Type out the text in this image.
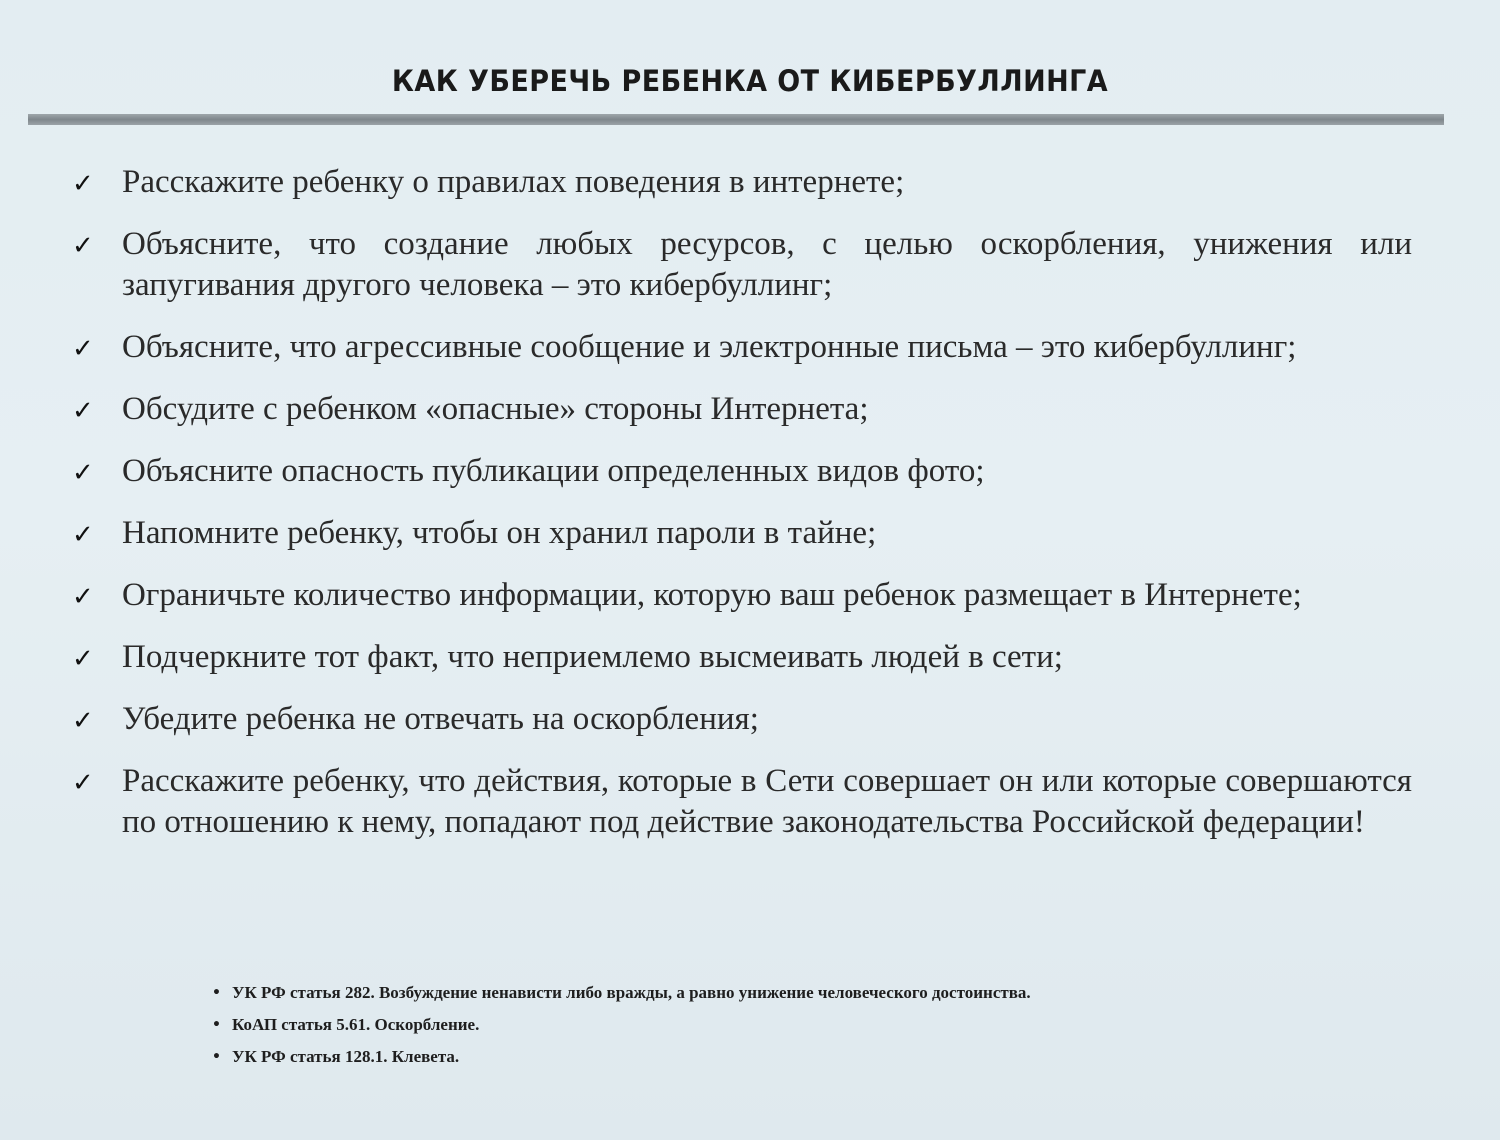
КАК УБЕРЕЧЬ РЕБЕНКА ОТ КИБЕРБУЛЛИНГА
✓ Расскажите ребенку о правилах поведения в интернете;
✓ Объясните, что создание любых ресурсов, с целью оскорбления, унижения или запугивания другого человека – это кибербуллинг;
✓ Объясните, что агрессивные сообщение и электронные письма – это кибербуллинг;
✓ Обсудите с ребенком «опасные» стороны Интернета;
✓ Объясните опасность публикации определенных видов фото;
✓ Напомните ребенку, чтобы он хранил пароли в тайне;
✓ Ограничьте количество информации, которую ваш ребенок размещает в Интернете;
✓ Подчеркните тот факт, что неприемлемо высмеивать людей в сети;
✓ Убедите ребенка не отвечать на оскорбления;
✓ Расскажите ребенку, что действия, которые в Сети совершает он или которые совершаются по отношению к нему, попадают под действие законодательства Российской федерации!
• УК РФ статья 282. Возбуждение ненависти либо вражды, а равно унижение человеческого достоинства.
• КоАП статья 5.61. Оскорбление.
• УК РФ статья 128.1. Клевета.
